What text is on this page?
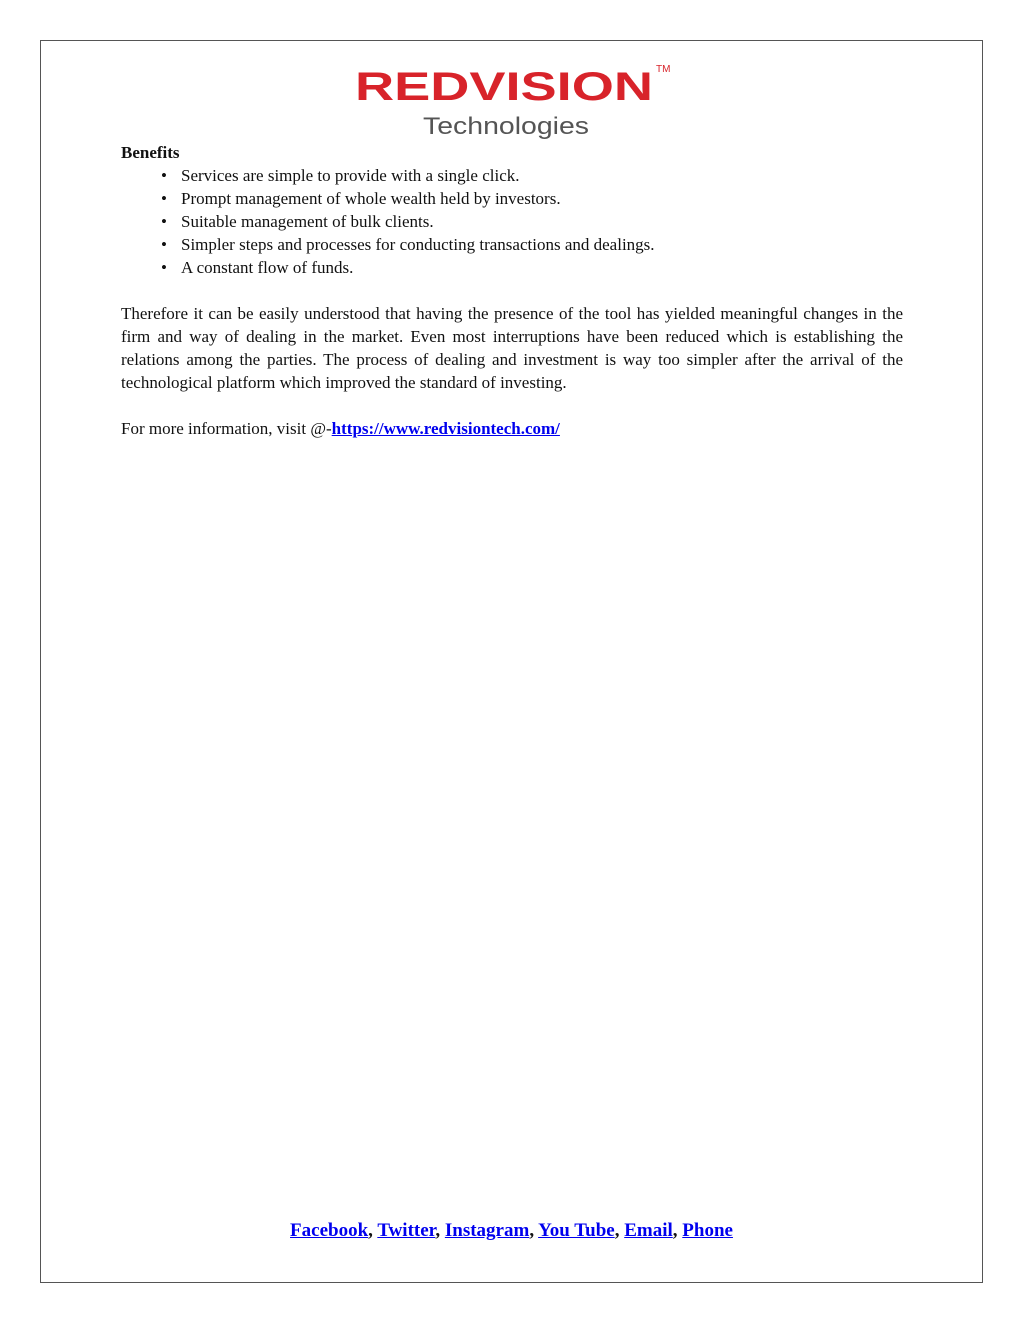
REDVISION TM
Technologies

Benefits

• Services are simple to provide with a single click.
• Prompt management of whole wealth held by investors.
• Suitable management of bulk clients.
• Simpler steps and processes for conducting transactions and dealings.
• A constant flow of funds.

Therefore it can be easily understood that having the presence of the tool has yielded meaningful changes in the firm and way of dealing in the market. Even most interruptions have been reduced which is establishing the relations among the parties. The process of dealing and investment is way too simpler after the arrival of the technological platform which improved the standard of investing.

For more information, visit @-https://www.redvisiontech.com/

Facebook, Twitter, Instagram, You Tube, Email, Phone
